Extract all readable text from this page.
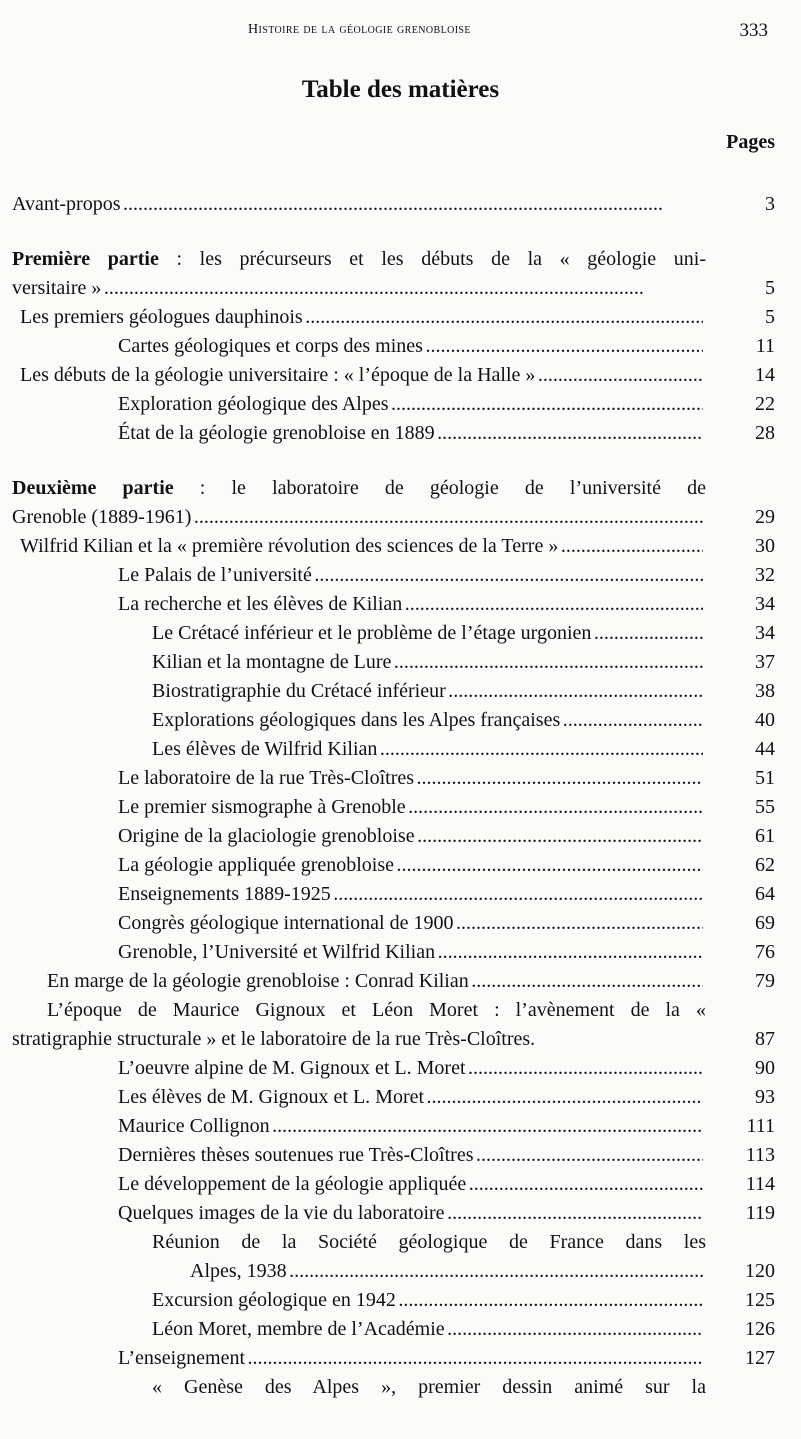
Histoire de la géologie grenobloise	333
Table des matières
Pages
Avant-propos . . .	3
Première partie : les précurseurs et les débuts de la « géologie uni-
versitaire » . . .	5
Les premiers géologues dauphinois . . .	5
Cartes géologiques et corps des mines . . .	11
Les débuts de la géologie universitaire : « l’époque de la Halle » . . .	14
Exploration géologique des Alpes . . .	22
État de la géologie grenobloise en 1889 . . .	28
Deuxième partie : le laboratoire de géologie de l’université de
Grenoble (1889-1961) . . .	29
Wilfrid Kilian et la « première révolution des sciences de la Terre » . . .	30
Le Palais de l’université . . .	32
La recherche et les élèves de Kilian . . .	34
Le Crétacé inférieur et le problème de l’étage urgonien . . .	34
Kilian et la montagne de Lure . . .	37
Biostratigraphie du Crétacé inférieur . . .	38
Explorations géologiques dans les Alpes françaises . . .	40
Les élèves de Wilfrid Kilian . . .	44
Le laboratoire de la rue Très-Cloîtres . . .	51
Le premier sismographe à Grenoble . . .	55
Origine de la glaciologie grenobloise . . .	61
La géologie appliquée grenobloise . . .	62
Enseignements 1889-1925 . . .	64
Congrès géologique international de 1900 . . .	69
Grenoble, l’Université et Wilfrid Kilian . . .	76
En marge de la géologie grenobloise : Conrad Kilian . . .	79
L’époque de Maurice Gignoux et Léon Moret : l’avènement de la «
stratigraphie structurale » et le laboratoire de la rue Très-Cloîtres.	87
L’oeuvre alpine de M. Gignoux et L. Moret . . .	90
Les élèves de M. Gignoux et L. Moret . . .	93
Maurice Collignon . . .	111
Dernières thèses soutenues rue Très-Cloîtres . . .	113
Le développement de la géologie appliquée . . .	114
Quelques images de la vie du laboratoire . . .	119
Réunion de la Société géologique de France dans les
Alpes, 1938 . . .	120
Excursion géologique en 1942 . . .	125
Léon Moret, membre de l’Académie . . .	126
L’enseignement . . .	127
« Genèse des Alpes », premier dessin animé sur la
